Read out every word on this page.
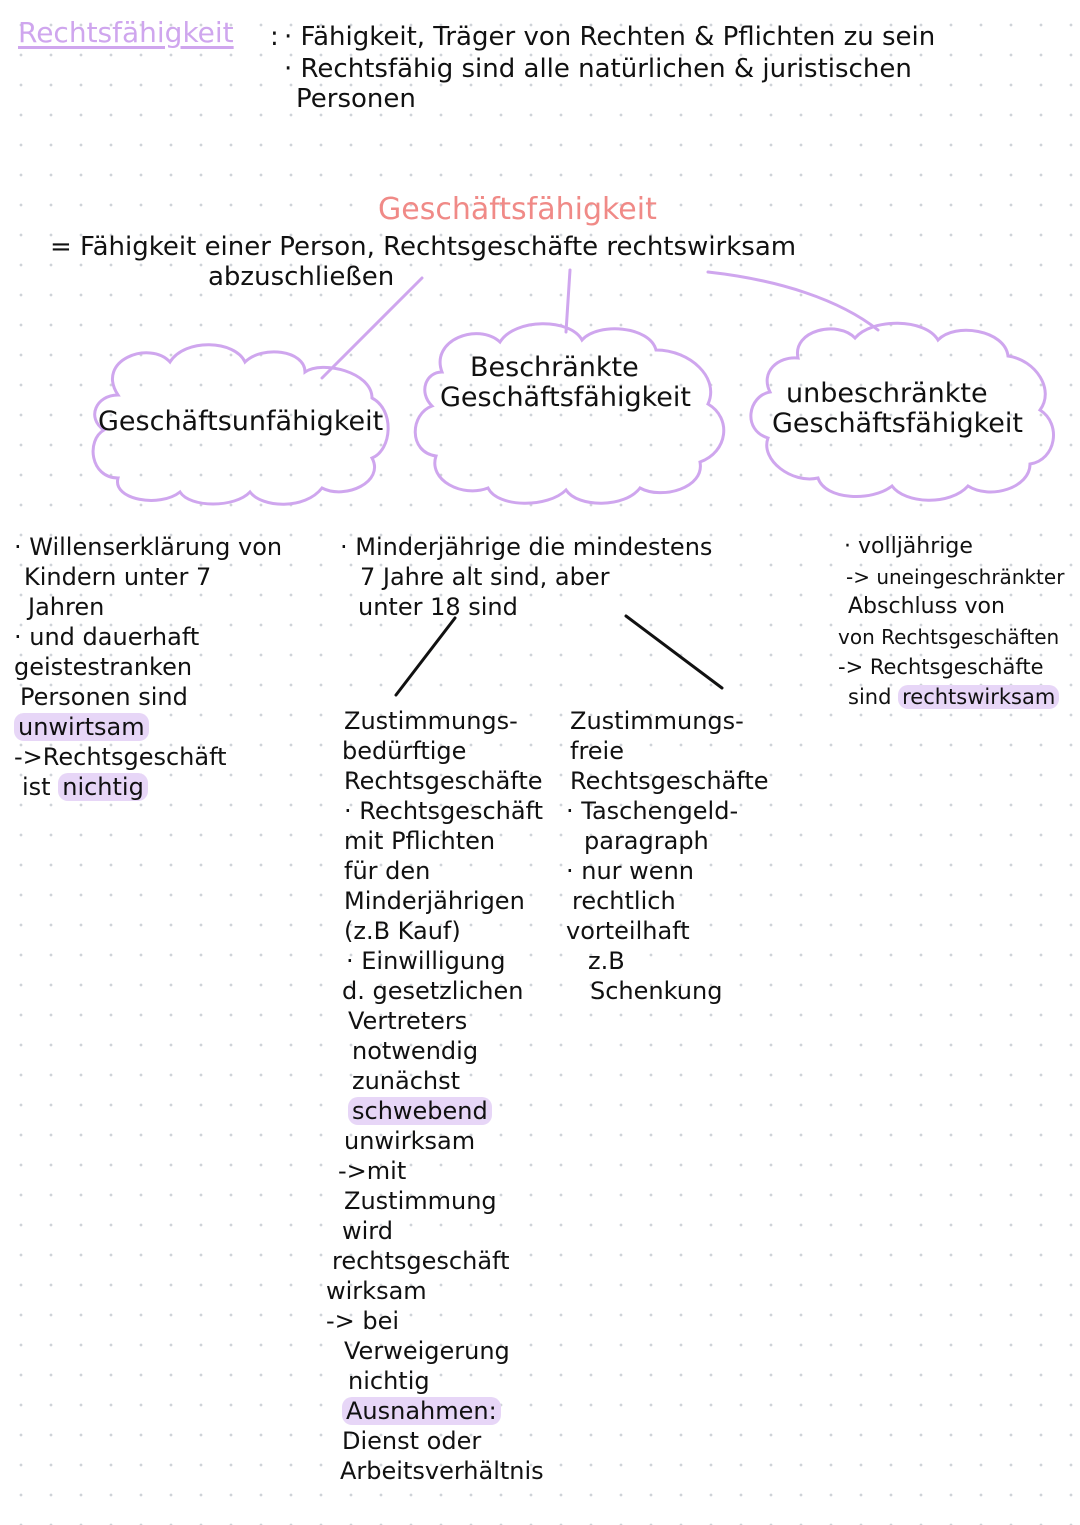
Rechtsfähigkeit : · Fähigkeit, Träger von Rechten & Pflichten zu sein
· Rechtsfähig sind alle natürlichen & juristischen
Personen
Geschäftsfähigkeit
= Fähigkeit einer Person, Rechtsgeschäfte rechtswirksam
abzuschließen
Geschäftsunfähigkeit
Beschränkte
Geschäftsfähigkeit	unbeschränkte
Geschäftsfähigkeit
· Willenserklärung von
Kindern unter 7
Jahren
· und dauerhaft
geistestranken
Personen sind
unwirtsam
->Rechtsgeschäft
ist nichtig
· Minderjährige die mindestens
7 Jahre alt sind, aber
unter 18 sind
Zustimmungs-
bedürftige
Rechtsgeschäfte
· Rechtsgeschäft
mit Pflichten
für den
Minderjährigen
(z.B Kauf)
· Einwilligung
d. gesetzlichen
Vertreters
notwendig
zunächst
schwebend
unwirksam
->mit
Zustimmung
wird
rechtsgeschäft
wirksam
-> bei
Verweigerung
nichtig
Ausnahmen:
Dienst oder
Arbeitsverhältnis
Zustimmungs-
freie
Rechtsgeschäfte
· Taschengeld-
paragraph
· nur wenn
rechtlich
vorteilhaft
z.B
Schenkung
· volljährige
-> uneingeschränkter
Abschluss von
von Rechtsgeschäften
-> Rechtsgeschäfte
sind rechtswirksam
